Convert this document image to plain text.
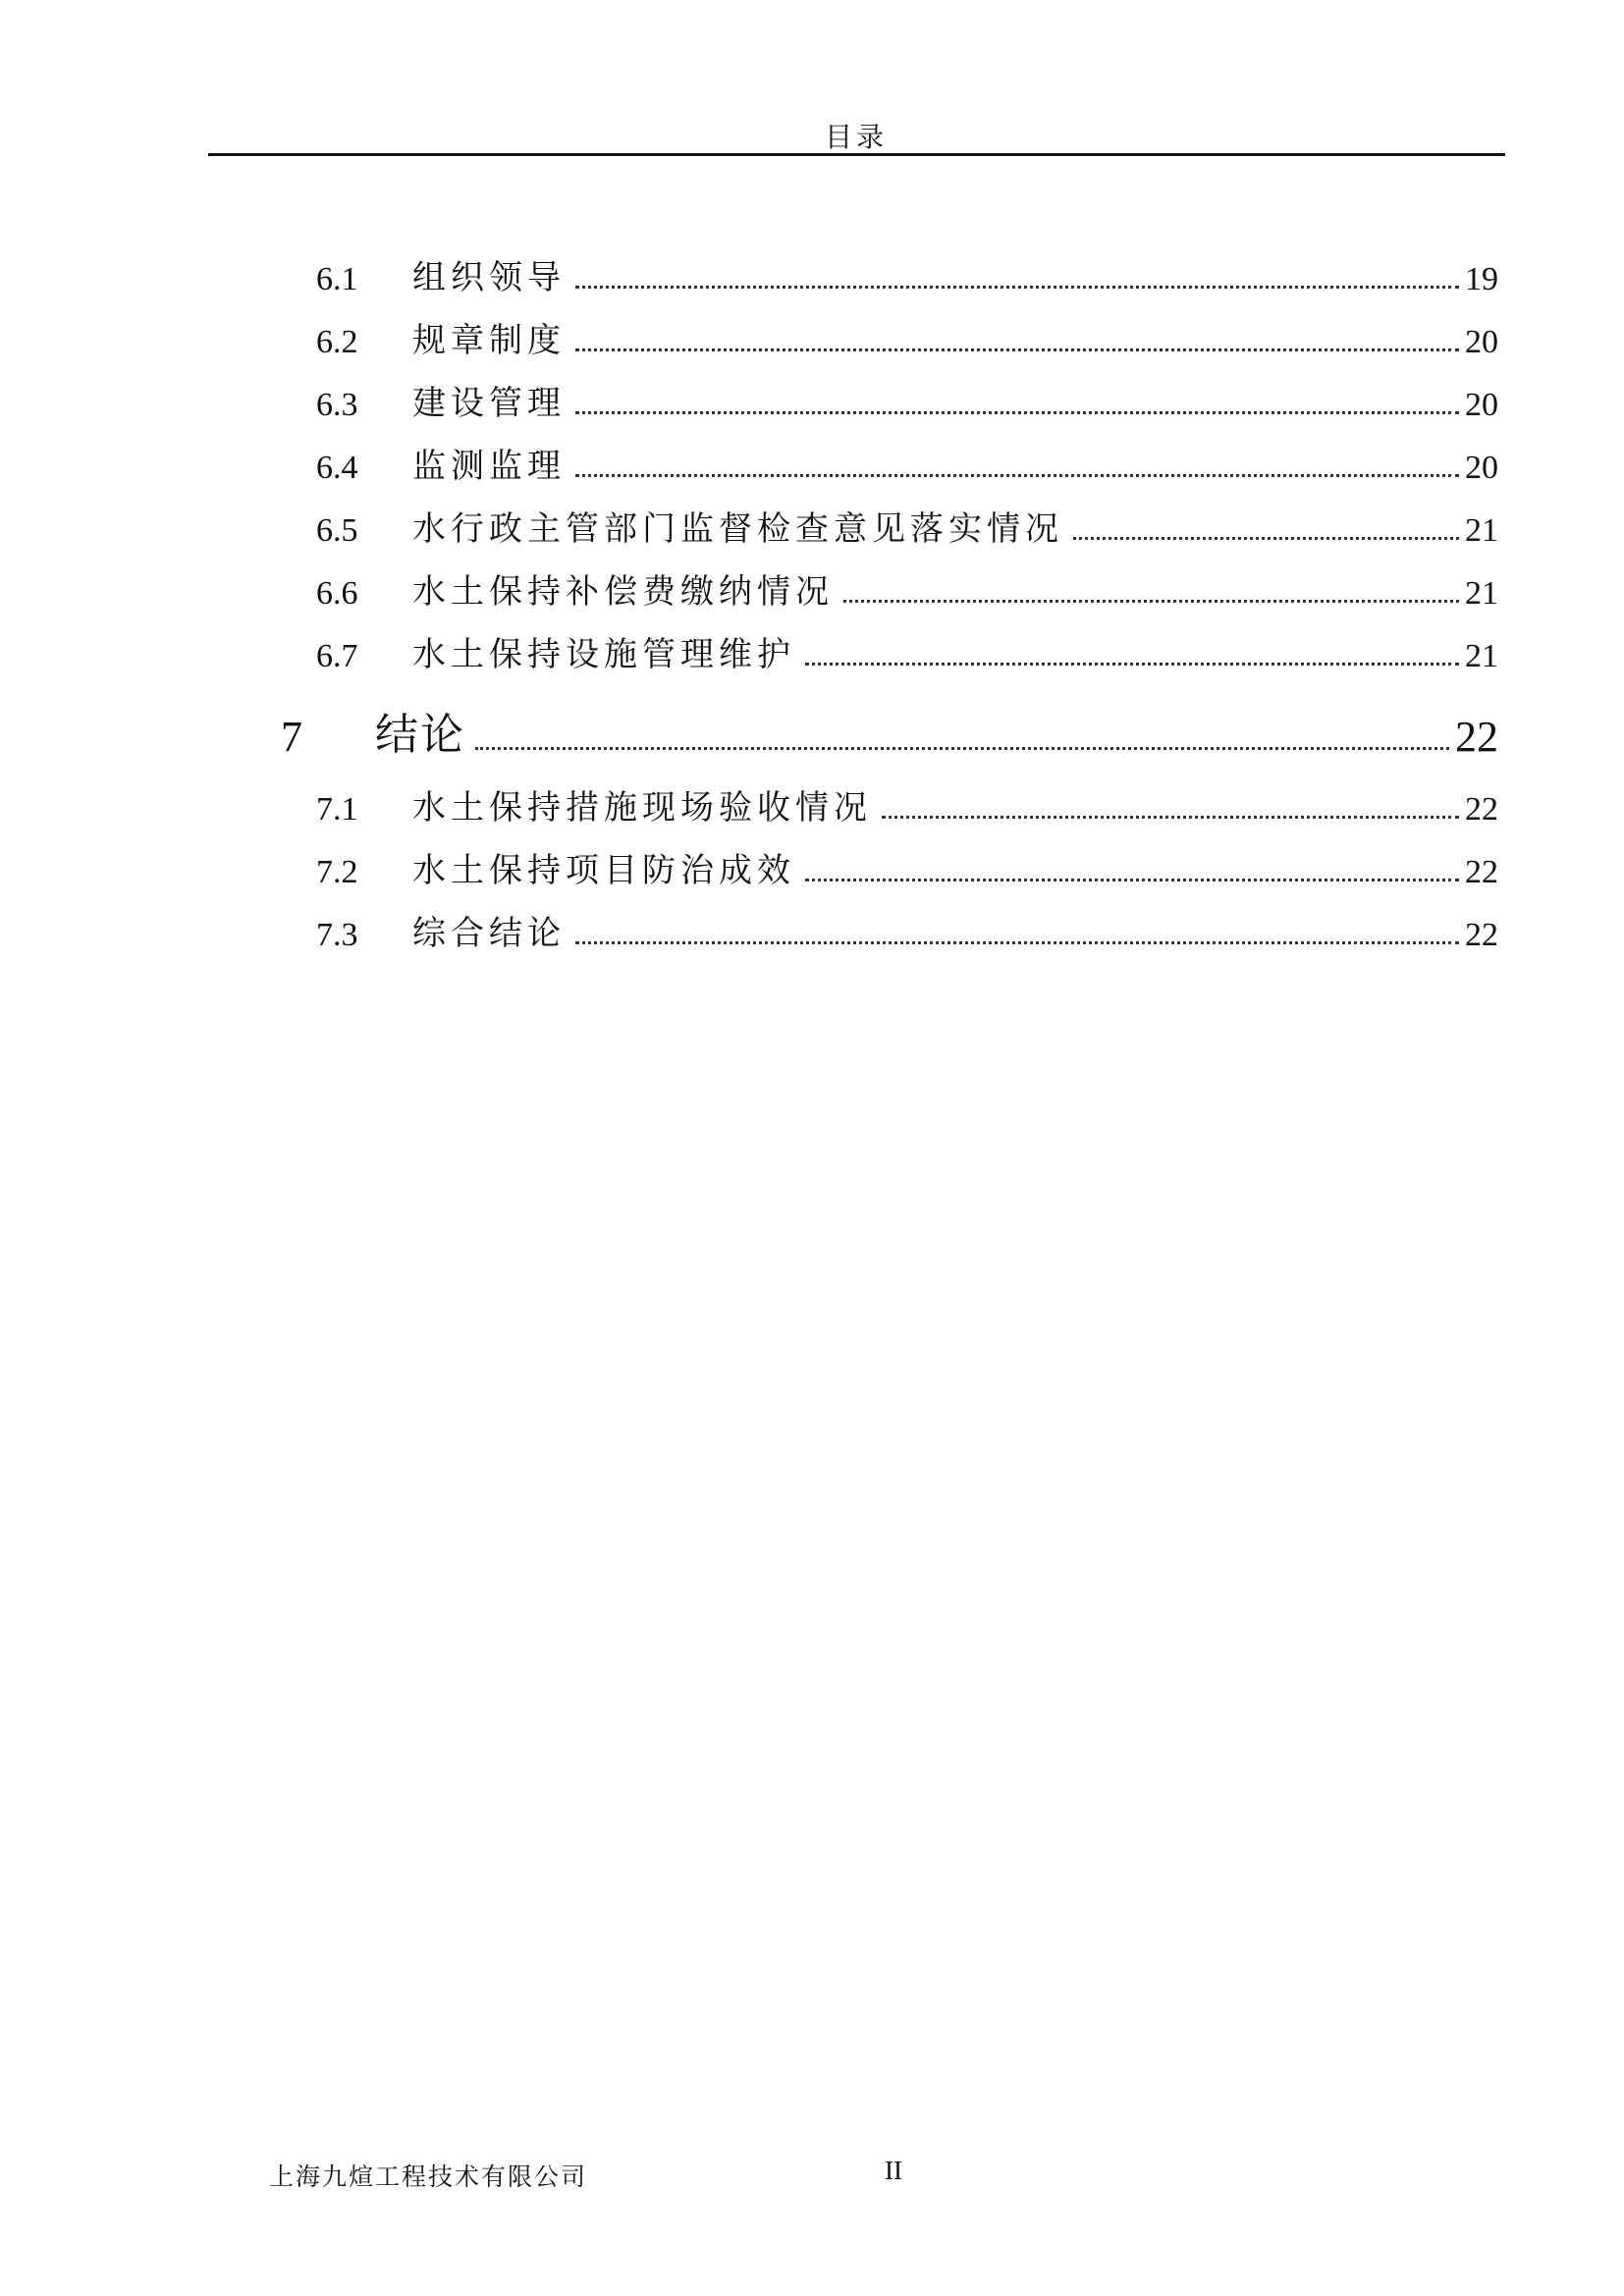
目录
6.1	组织领导	19
6.2	规章制度	20
6.3	建设管理	20
6.4	监测监理	20
6.5	水行政主管部门监督检查意见落实情况	21
6.6	水土保持补偿费缴纳情况	21
6.7	水土保持设施管理维护	21
7	结论	22
7.1	水土保持措施现场验收情况	22
7.2	水土保持项目防治成效	22
7.3	综合结论	22
上海九煊工程技术有限公司	II
